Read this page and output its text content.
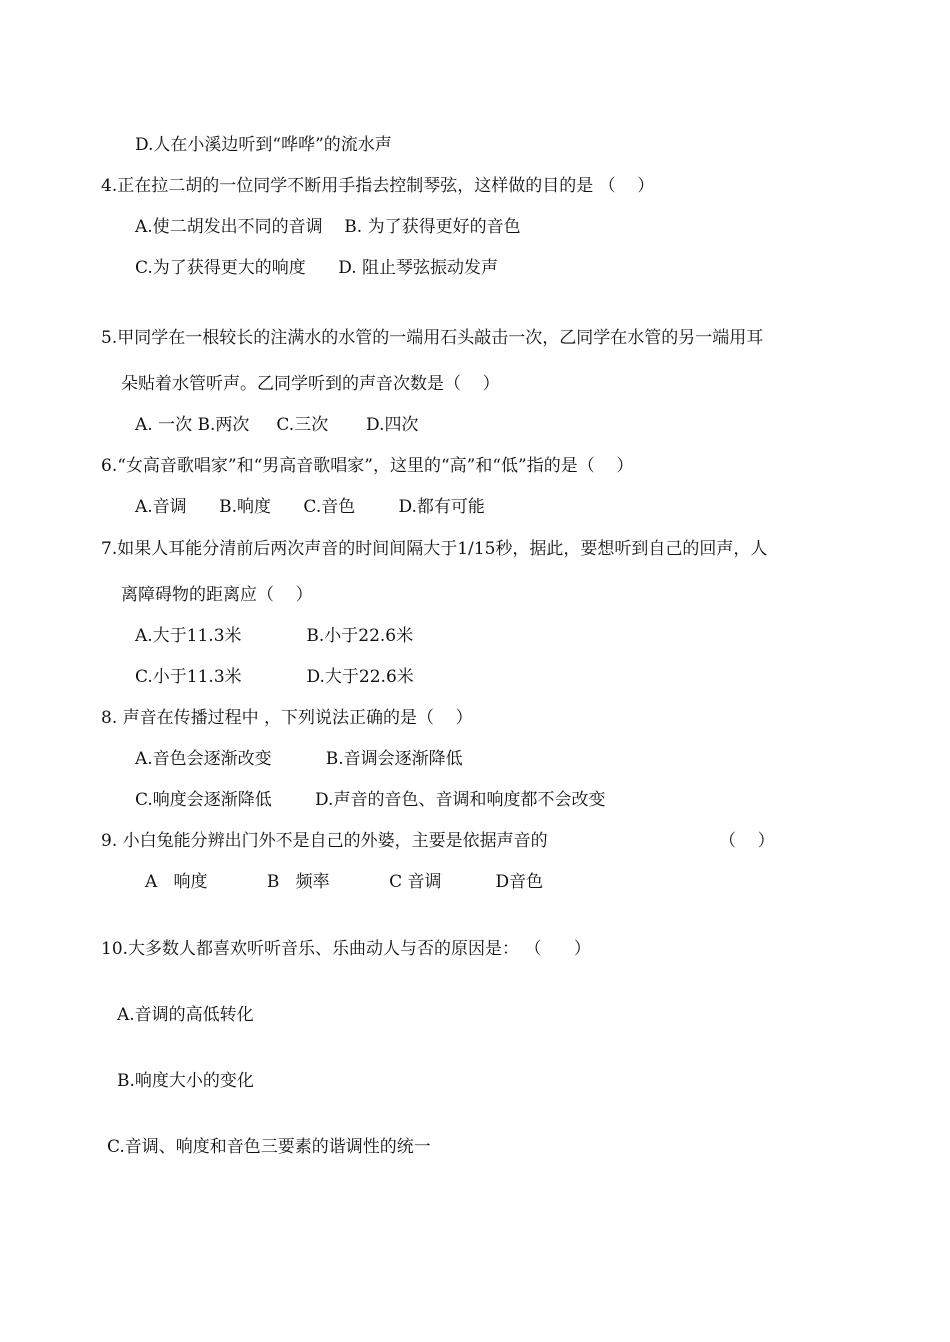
D.人在小溪边听到“哗哗”的流水声
4.正在拉二胡的一位同学不断用手指去控制琴弦，这样做的目的是 （    ）
A.使二胡发出不同的音调    B. 为了获得更好的音色
C.为了获得更大的响度      D. 阻止琴弦振动发声
5.甲同学在一根较长的注满水的水管的一端用石头敲击一次，乙同学在水管的另一端用耳
朵贴着水管听声。乙同学听到的声音次数是（    ）
A. 一次 B.两次     C.三次       D.四次
6.“女高音歌唱家”和“男高音歌唱家”，这里的“高”和“低”指的是（    ）
A.音调      B.响度      C.音色        D.都有可能
7.如果人耳能分清前后两次声音的时间间隔大于1/15秒，据此，要想听到自己的回声，人
离障碍物的距离应（    ）
A.大于11.3米            B.小于22.6米
C.小于11.3米            D.大于22.6米
8. 声音在传播过程中 ，下列说法正确的是（    ）
A.音色会逐渐改变          B.音调会逐渐降低
C.响度会逐渐降低        D.声音的音色、音调和响度都不会改变
9. 小白兔能分辨出门外不是自己的外婆，主要是依据声音的	（    ）
A   响度           B   频率           C 音调          D音色
10.大多数人都喜欢听听音乐、乐曲动人与否的原因是： （      ）
A.音调的高低转化
B.响度大小的变化
C.音调、响度和音色三要素的谐调性的统一
